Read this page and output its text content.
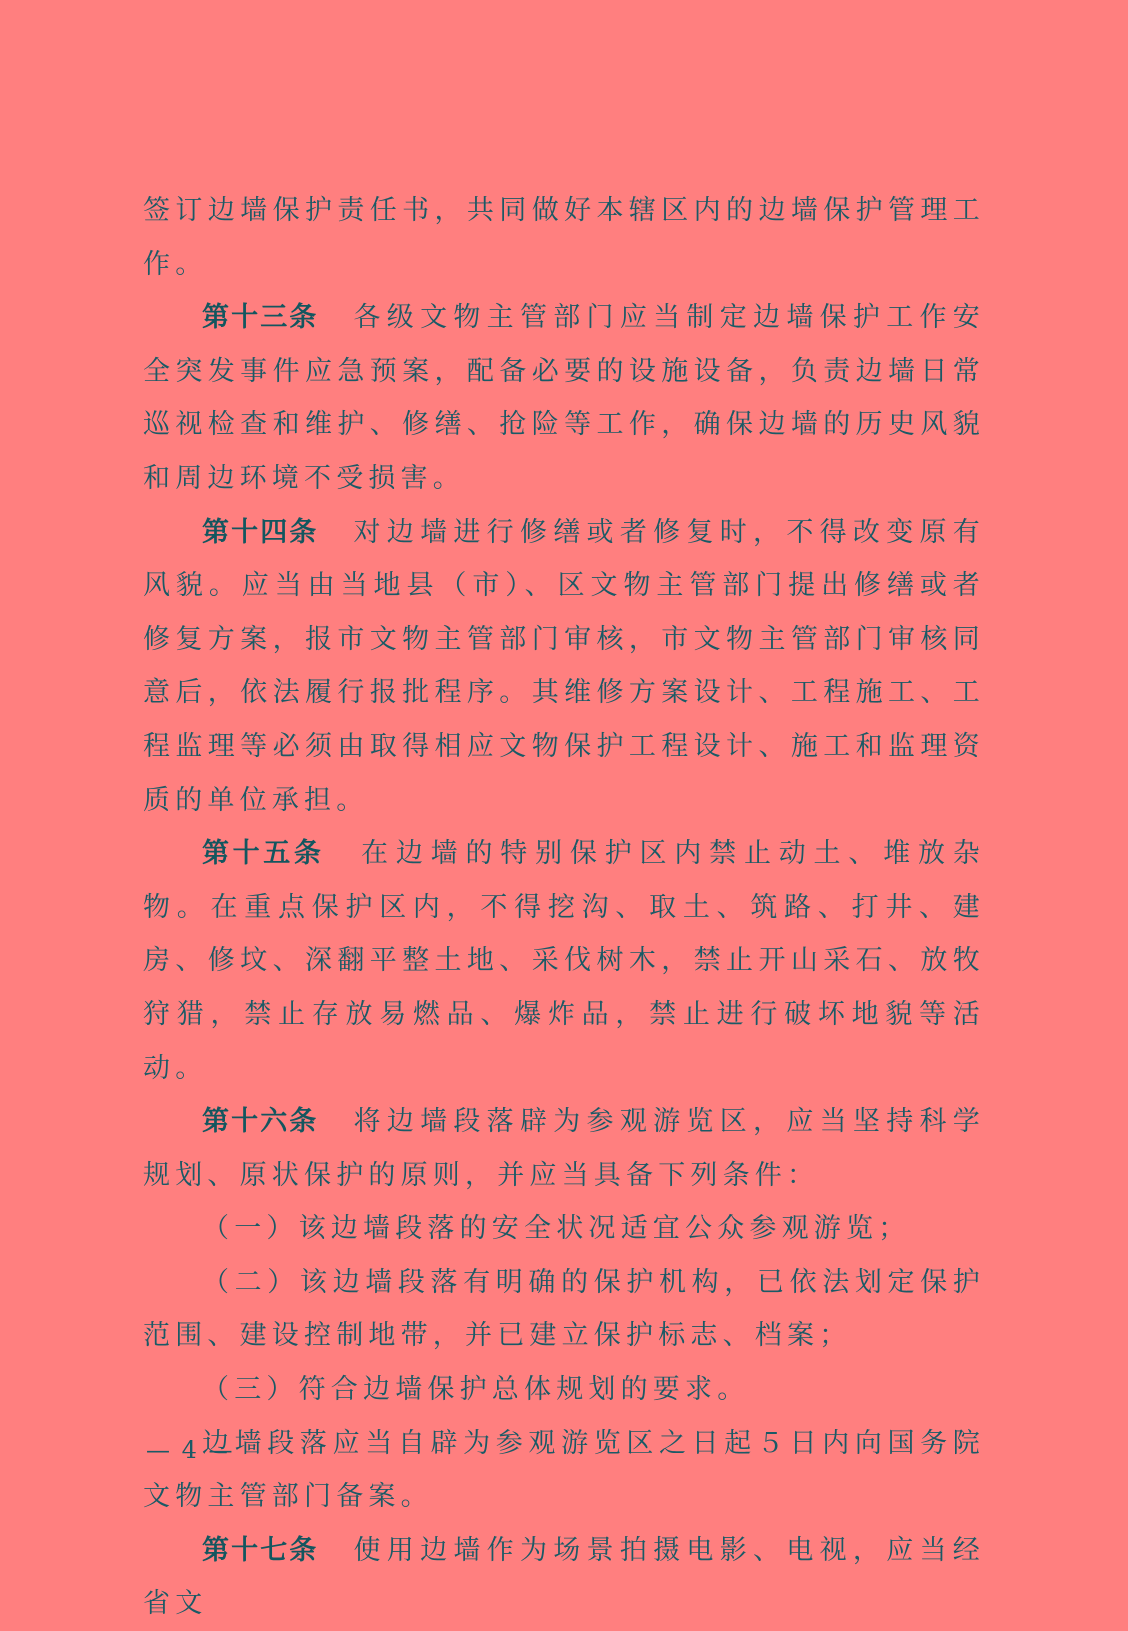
签订边墙保护责任书，共同做好本辖区内的边墙保护管理工作。

第十三条 各级文物主管部门应当制定边墙保护工作安全突发事件应急预案，配备必要的设施设备，负责边墙日常巡视检查和维护、修缮、抢险等工作，确保边墙的历史风貌和周边环境不受损害。

第十四条 对边墙进行修缮或者修复时，不得改变原有风貌。应当由当地县（市）、区文物主管部门提出修缮或者修复方案，报市文物主管部门审核，市文物主管部门审核同意后，依法履行报批程序。其维修方案设计、工程施工、工程监理等必须由取得相应文物保护工程设计、施工和监理资质的单位承担。

第十五条 在边墙的特别保护区内禁止动土、堆放杂物。在重点保护区内，不得挖沟、取土、筑路、打井、建房、修坟、深翻平整土地、采伐树木，禁止开山采石、放牧狩猎，禁止存放易燃品、爆炸品，禁止进行破坏地貌等活动。

第十六条 将边墙段落辟为参观游览区，应当坚持科学规划、原状保护的原则，并应当具备下列条件：

（一）该边墙段落的安全状况适宜公众参观游览；

（二）该边墙段落有明确的保护机构，已依法划定保护范围、建设控制地带，并已建立保护标志、档案；

（三）符合边墙保护总体规划的要求。

边墙段落应当自辟为参观游览区之日起５日内向国务院文物主管部门备案。

第十七条 使用边墙作为场景拍摄电影、电视，应当经省文

— 4 —
